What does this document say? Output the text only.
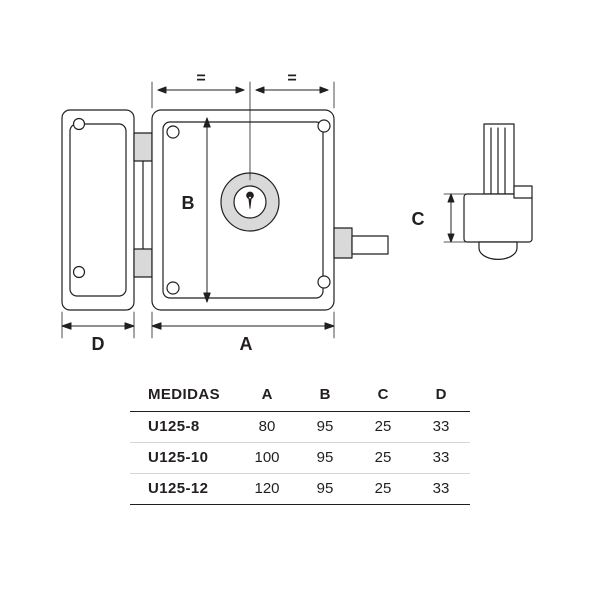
=	=
B
A
D
C
MEDIDAS	A	B	C	D
U125-8	80	95	25	33
U125-10	100	95	25	33
U125-12	120	95	25	33
